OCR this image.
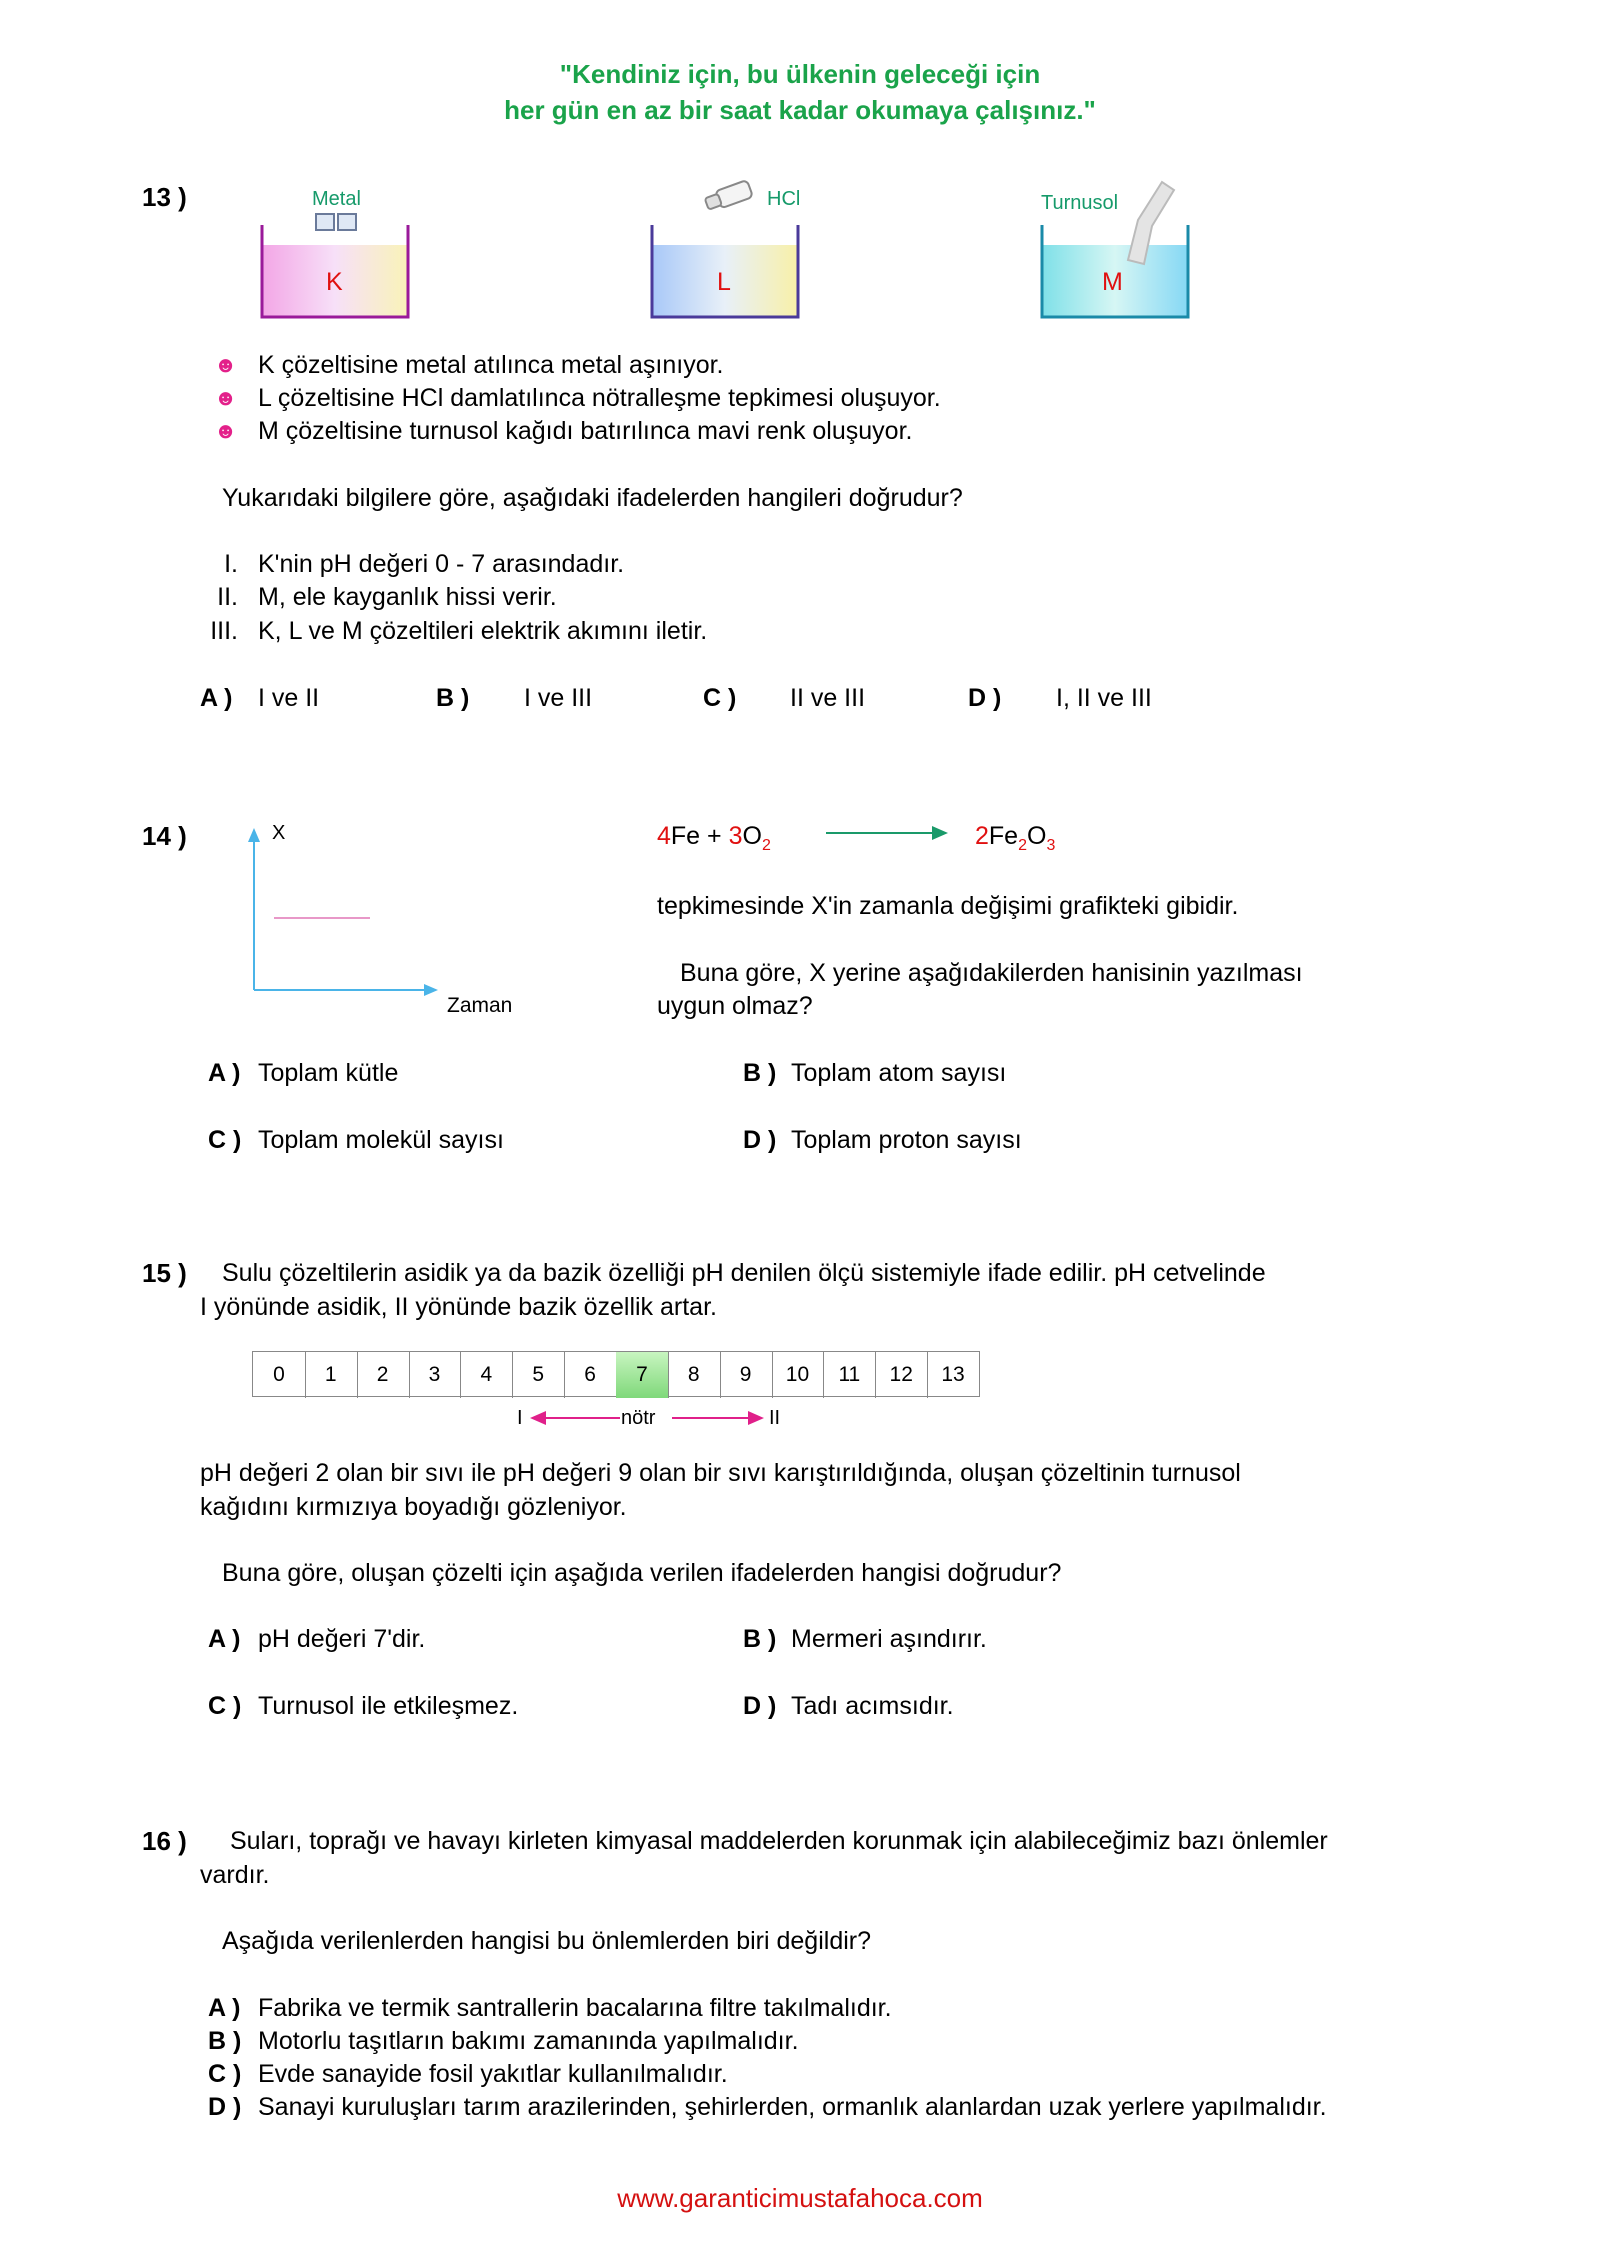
"Kendiniz için, bu ülkenin geleceği için
her gün en az bir saat kadar okumaya çalışınız."
13 )	Metal	HCl	Turnusol
K	L	M
☻ K çözeltisine metal atılınca metal aşınıyor.
☻ L çözeltisine HCl damlatılınca nötralleşme tepkimesi oluşuyor.
☻ M çözeltisine turnusol kağıdı batırılınca mavi renk oluşuyor.
Yukarıdaki bilgilere göre, aşağıdaki ifadelerden hangileri doğrudur?
I. K'nin pH değeri 0 - 7 arasındadır.
II. M, ele kayganlık hissi verir.
III. K, L ve M çözeltileri elektrik akımını iletir.
A ) I ve II	B ) I ve III	C ) II ve III	D ) I, II ve III
14 )	X
Zaman
$4Fe + 3O_2$	$2Fe_2O_3$
tepkimesinde X'in zamanla değişimi grafikteki gibidir.
Buna göre, X yerine aşağıdakilerden hanisinin yazılması
uygun olmaz?
A ) Toplam kütle	B ) Toplam atom sayısı
C ) Toplam molekül sayısı	D ) Toplam proton sayısı
15 ) Sulu çözeltilerin asidik ya da bazik özelliği pH denilen ölçü sistemiyle ifade edilir. pH cetvelinde
I yönünde asidik, II yönünde bazik özellik artar.
0	1	2	3	4	5	6	7	8	9	10	11	12	13
I	nötr	II
pH değeri 2 olan bir sıvı ile pH değeri 9 olan bir sıvı karıştırıldığında, oluşan çözeltinin turnusol
kağıdını kırmızıya boyadığı gözleniyor.
Buna göre, oluşan çözelti için aşağıda verilen ifadelerden hangisi doğrudur?
A ) pH değeri 7'dir.	B ) Mermeri aşındırır.
C ) Turnusol ile etkileşmez.	D ) Tadı acımsıdır.
16 ) Suları, toprağı ve havayı kirleten kimyasal maddelerden korunmak için alabileceğimiz bazı önlemler
vardır.
Aşağıda verilenlerden hangisi bu önlemlerden biri değildir?
A ) Fabrika ve termik santrallerin bacalarına filtre takılmalıdır.
B ) Motorlu taşıtların bakımı zamanında yapılmalıdır.
C ) Evde sanayide fosil yakıtlar kullanılmalıdır.
D ) Sanayi kuruluşları tarım arazilerinden, şehirlerden, ormanlık alanlardan uzak yerlere yapılmalıdır.
www.garanticimustafahoca.com
